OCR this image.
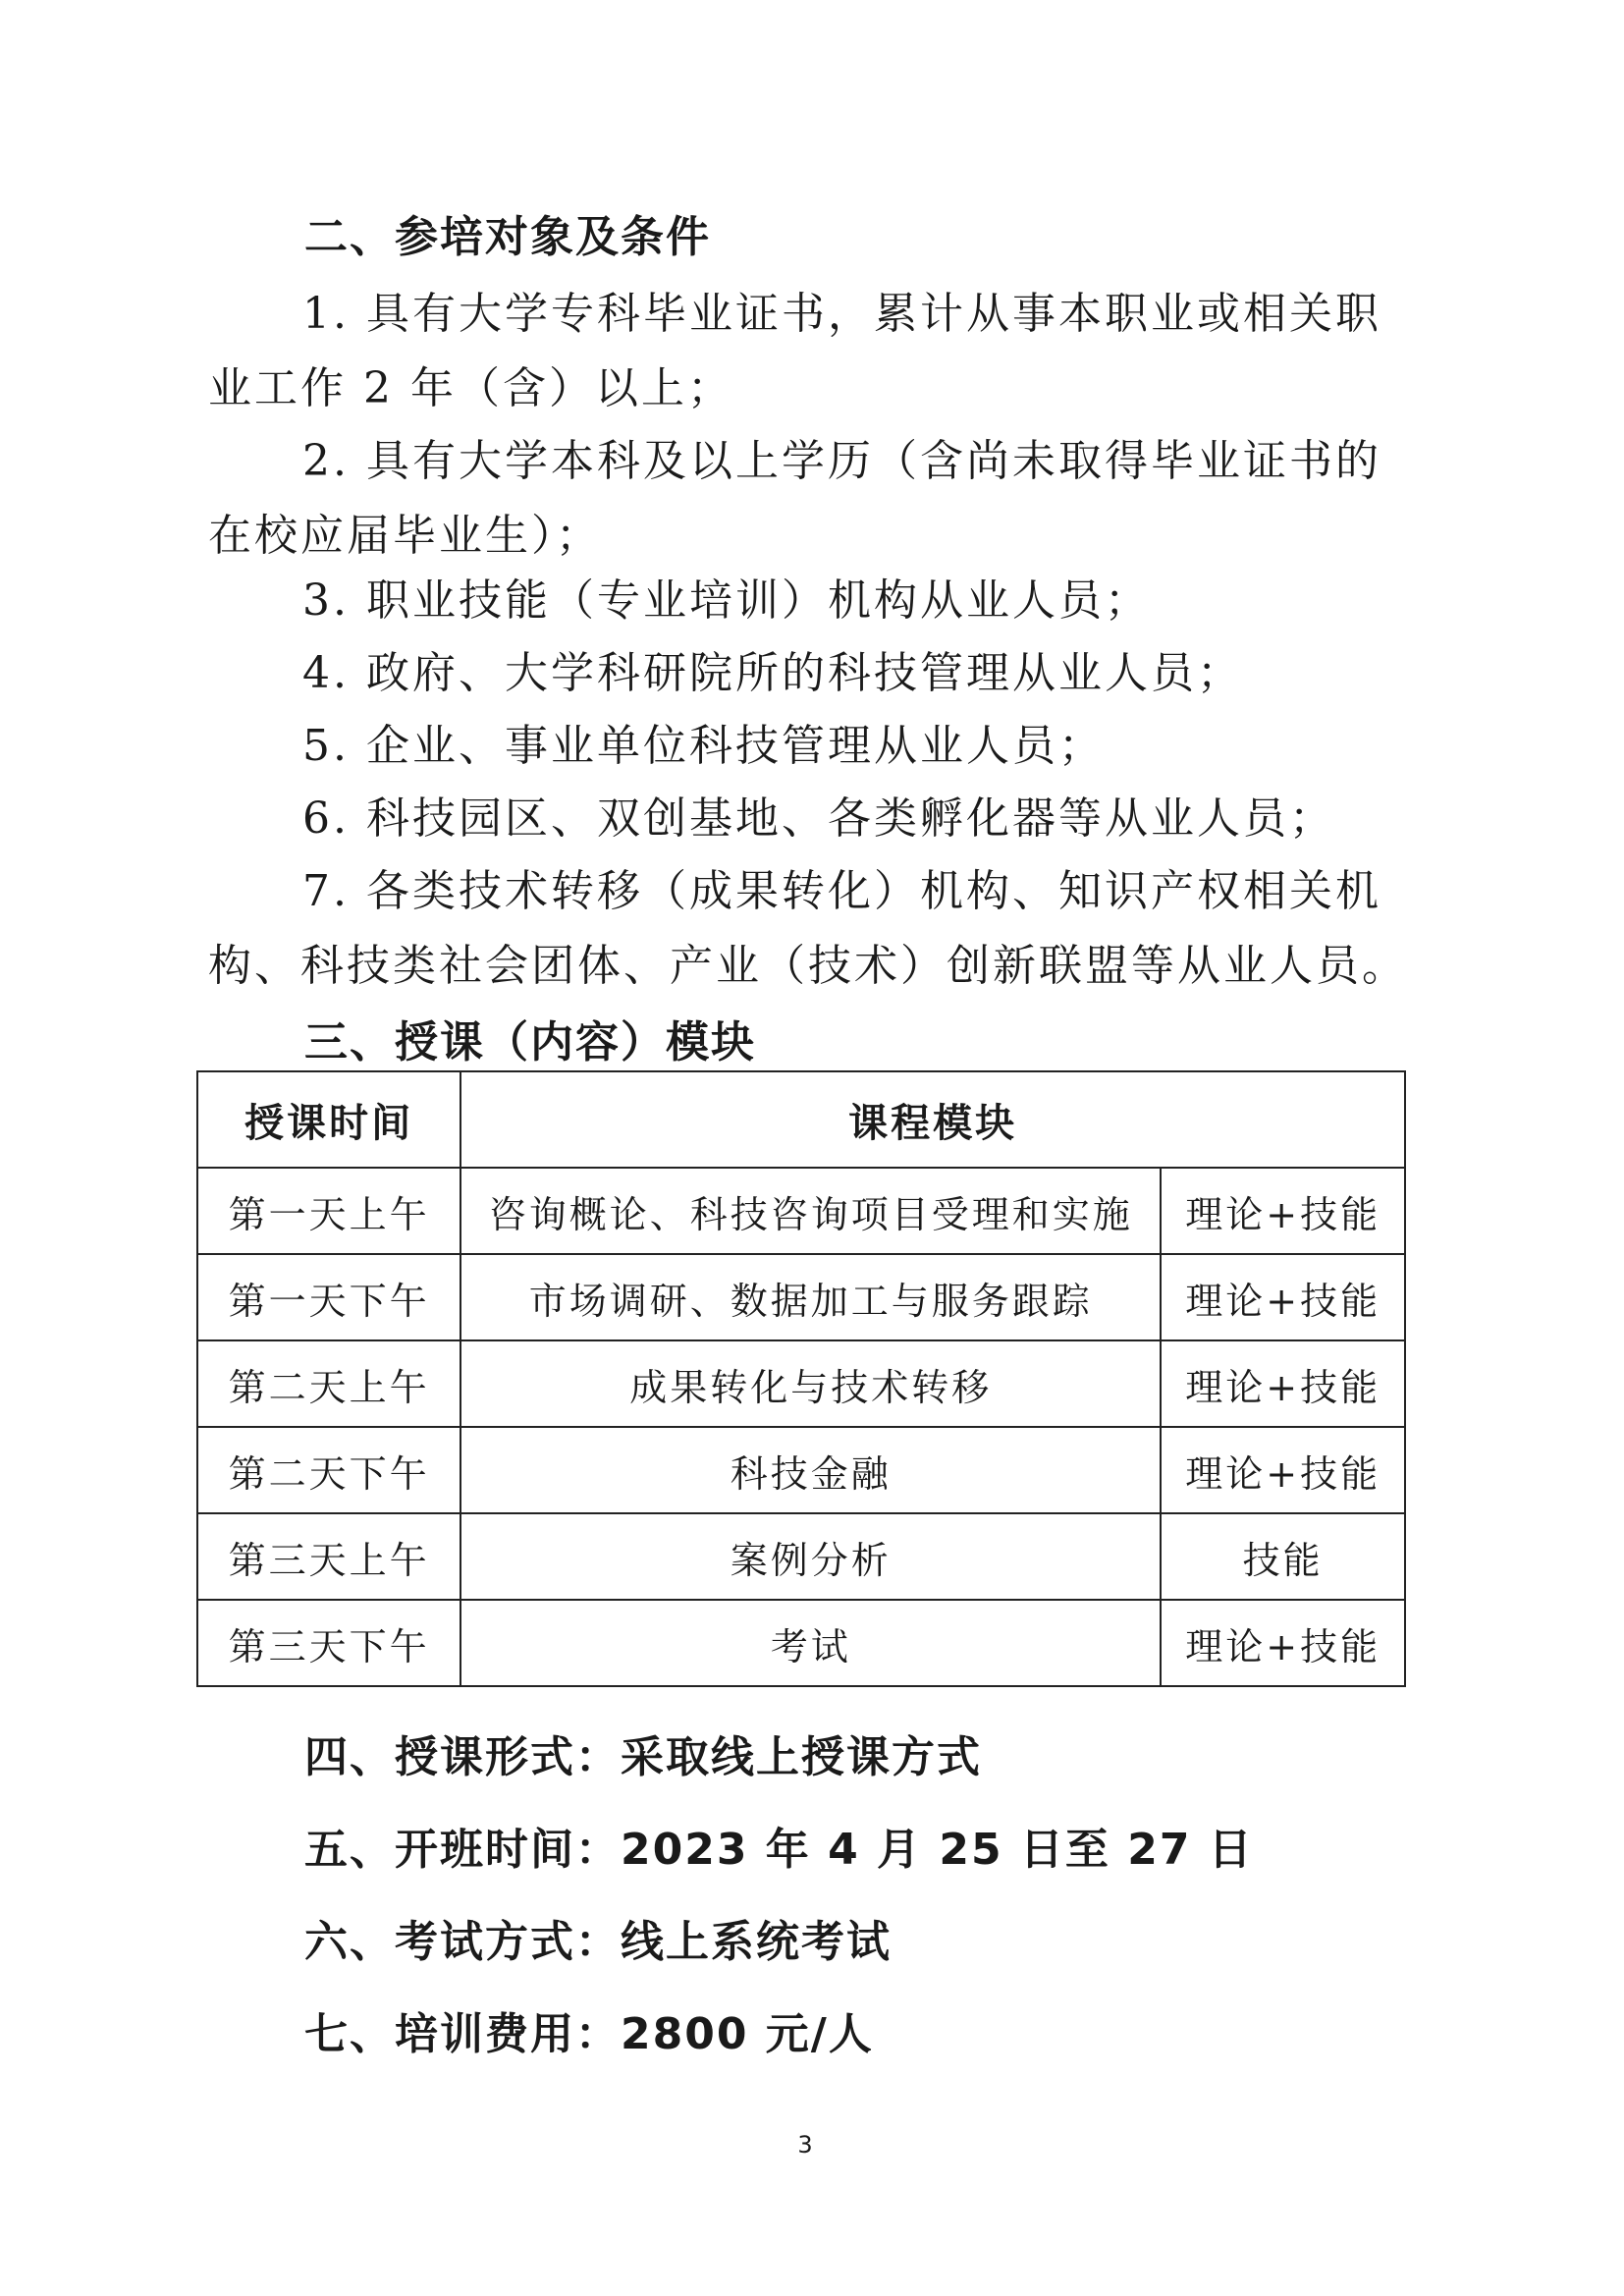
二、参培对象及条件
1. 具有大学专科毕业证书，累计从事本职业或相关职业工作 2 年（含）以上；
2. 具有大学本科及以上学历（含尚未取得毕业证书的在校应届毕业生）；
3. 职业技能（专业培训）机构从业人员；
4. 政府、大学科研院所的科技管理从业人员；
5. 企业、事业单位科技管理从业人员；
6. 科技园区、双创基地、各类孵化器等从业人员；
7. 各类技术转移（成果转化）机构、知识产权相关机构、科技类社会团体、产业（技术）创新联盟等从业人员。
三、授课（内容）模块
授课时间	课程模块	
第一天上午	咨询概论、科技咨询项目受理和实施	理论+技能
第一天下午	市场调研、数据加工与服务跟踪	理论+技能
第二天上午	成果转化与技术转移	理论+技能
第二天下午	科技金融	理论+技能
第三天上午	案例分析	技能
第三天下午	考试	理论+技能
四、授课形式：采取线上授课方式
五、开班时间：2023 年 4 月 25 日至 27 日
六、考试方式：线上系统考试
七、培训费用：2800 元/人
3
